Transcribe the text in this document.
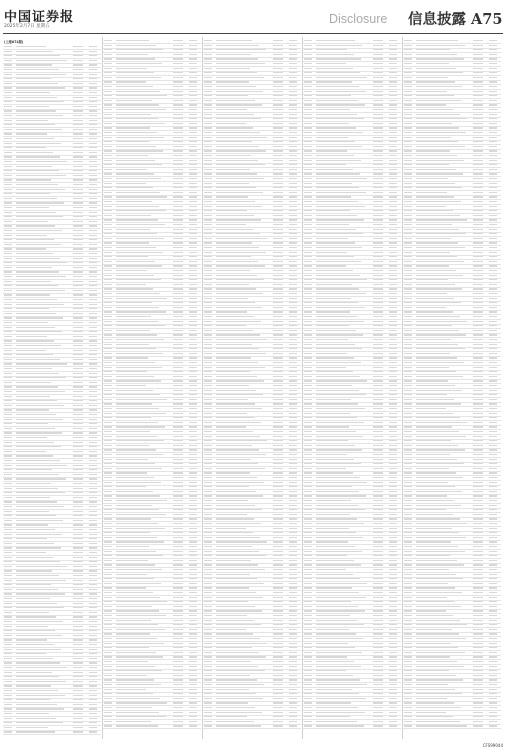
中国证券报
2025年2月7日 星期五
Disclosure 信息披露 A75
(上接A74版)
CFS99044
